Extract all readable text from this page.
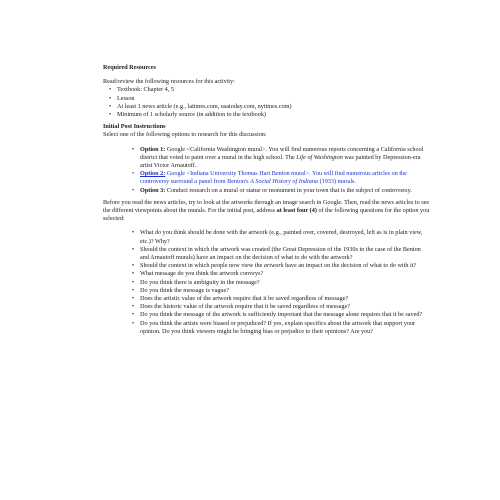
Required Resources

Read/review the following resources for this activity:

• Textbook: Chapter 4, 5
• Lesson
• At least 1 news article (e.g., latimes.com, usatoday.com, nytimes.com)
• Minimum of 1 scholarly source (in addition to the textbook)

Initial Post Instructions

Select one of the following options to research for this discussion:

• Option 1: Google <California Washington mural>. You will find numerous reports concerning a California school district that voted to paint over a mural in the high school. The Life of Washington was painted by Depression-era artist Victor Arnautoff.
• Option 2: Google <Indiana University Thomas Hart Benton mural>. You will find numerous articles on the controversy surround a panel from Benton's A Social History of Indiana (1933) murals.
• Option 3: Conduct research on a mural or statue or monument in your town that is the subject of controversy.

Before you read the news articles, try to look at the artworks through an image search in Google. Then, read the news articles to see the different viewpoints about the murals. For the initial post, address at least four (4) of the following questions for the option you selected:

• What do you think should be done with the artwork (e.g., painted over, covered, destroyed, left as is in plain view, etc.)? Why?
• Should the context in which the artwork was created (the Great Depression of the 1930s in the case of the Benton and Arnautoff murals) have an impact on the decision of what to do with the artwork?
• Should the context in which people now view the artwork have an impact on the decision of what to do with it?
• What message do you think the artwork conveys?
• Do you think there is ambiguity in the message?
• Do you think the message is vague?
• Does the artistic value of the artwork require that it be saved regardless of message?
• Does the historic value of the artwork require that it be saved regardless of message?
• Do you think the message of the artwork is sufficiently important that the message alone requires that it be saved?
• Do you think the artists were biased or prejudiced? If yes, explain specifics about the artwork that support your opinion. Do you think viewers might be bringing bias or prejudice to their opinions? Are you?
